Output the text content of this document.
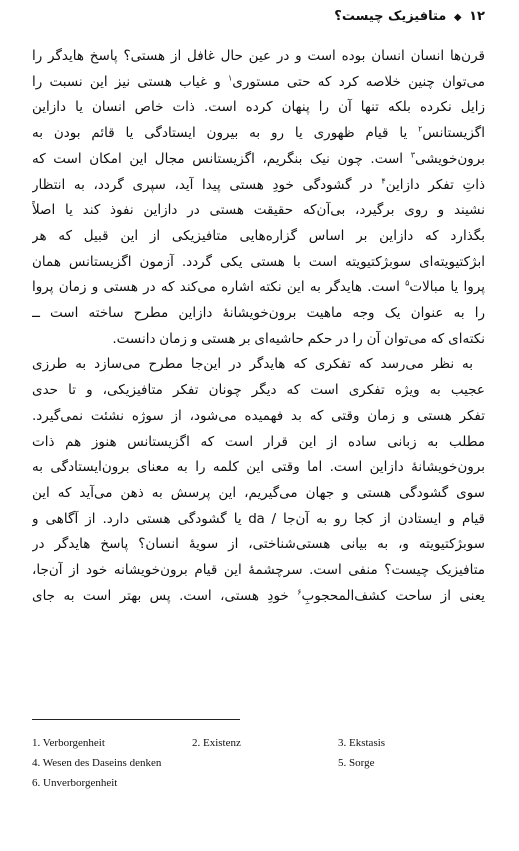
۱۲ ◆ متافیزیک چیست؟
قرن‌ها انسان انسان بوده است و در عین حال غافل از هستی؟ پاسخ هایدگر را
می‌توان چنین خلاصه کرد که حتی مستوری$^۱$ و غیاب هستی نیز این نسبت را
زایل نکرده بلکه تنها آن را پنهان کرده است. ذات خاص انسان یا دازاین
اگزیستانس$^۲$ یا قیام ظهوری یا رو به بیرون ایستادگی یا قائم بودن به
برون‌خویشی$^۳$ است. چون نیک بنگریم، اگزیستانس مجال این امکان است که
ذاتِ تفکر دازاین$^۴$ در گشودگی خودِ هستی پیدا آید، سپری گردد، به انتظار
نشیند و روی برگیرد، بی‌آن‌که حقیقت هستی در دازاین نفوذ کند یا اصلاً
بگذارد که دازاین بر اساس گزاره‌هایی متافیزیکی از این قبیل که هر
ابژکتیویته‌ای سوبژکتیویته است با هستی یکی گردد. آزمون اگزیستانس همان
پروا یا مبالات$^۵$ است. هایدگر به این نکته اشاره می‌کند که در هستی و زمان پروا
را به عنوان یک وجه ماهیت برون‌خویشانهٔ دازاین مطرح ساخته است ــ
نکته‌ای که می‌توان آن را در حکم حاشیه‌ای بر هستی و زمان دانست.
به نظر می‌رسد که تفکری که هایدگر در این‌جا مطرح می‌سازد به طرزی
عجیب به ویژه تفکری است که دیگر چونان تفکر متافیزیکی، و تا حدی
تفکر هستی و زمان وقتی که بد فهمیده می‌شود، از سوژه نشئت نمی‌گیرد.
مطلب به زبانی ساده از این قرار است که اگزیستانس هنوز هم ذات
برون‌خویشانهٔ دازاین است. اما وقتی این کلمه را به معنای برون‌ایستادگی به
سوی گشودگی هستی و جهان می‌گیریم، این پرسش به ذهن می‌آید که این
قیام و ایستادن از کجا رو به آن‌جا / da یا گشودگی هستی دارد. از آگاهی و
سوبژکتیویته و، به بیانی هستی‌شناختی، از سویهٔ انسان؟ پاسخ هایدگر در
متافیزیک چیست؟ منفی است. سرچشمهٔ این قیام برون‌خویشانه خود از آن‌جا،
یعنی از ساحت کشف‌المحجوبِ$^۶$ خودِ هستی، است. پس بهتر است به جای
1. Verborgenheit	2. Existenz	3. Ekstasis
4. Wesen des Daseins denken	5. Sorge
6. Unverborgenheit
